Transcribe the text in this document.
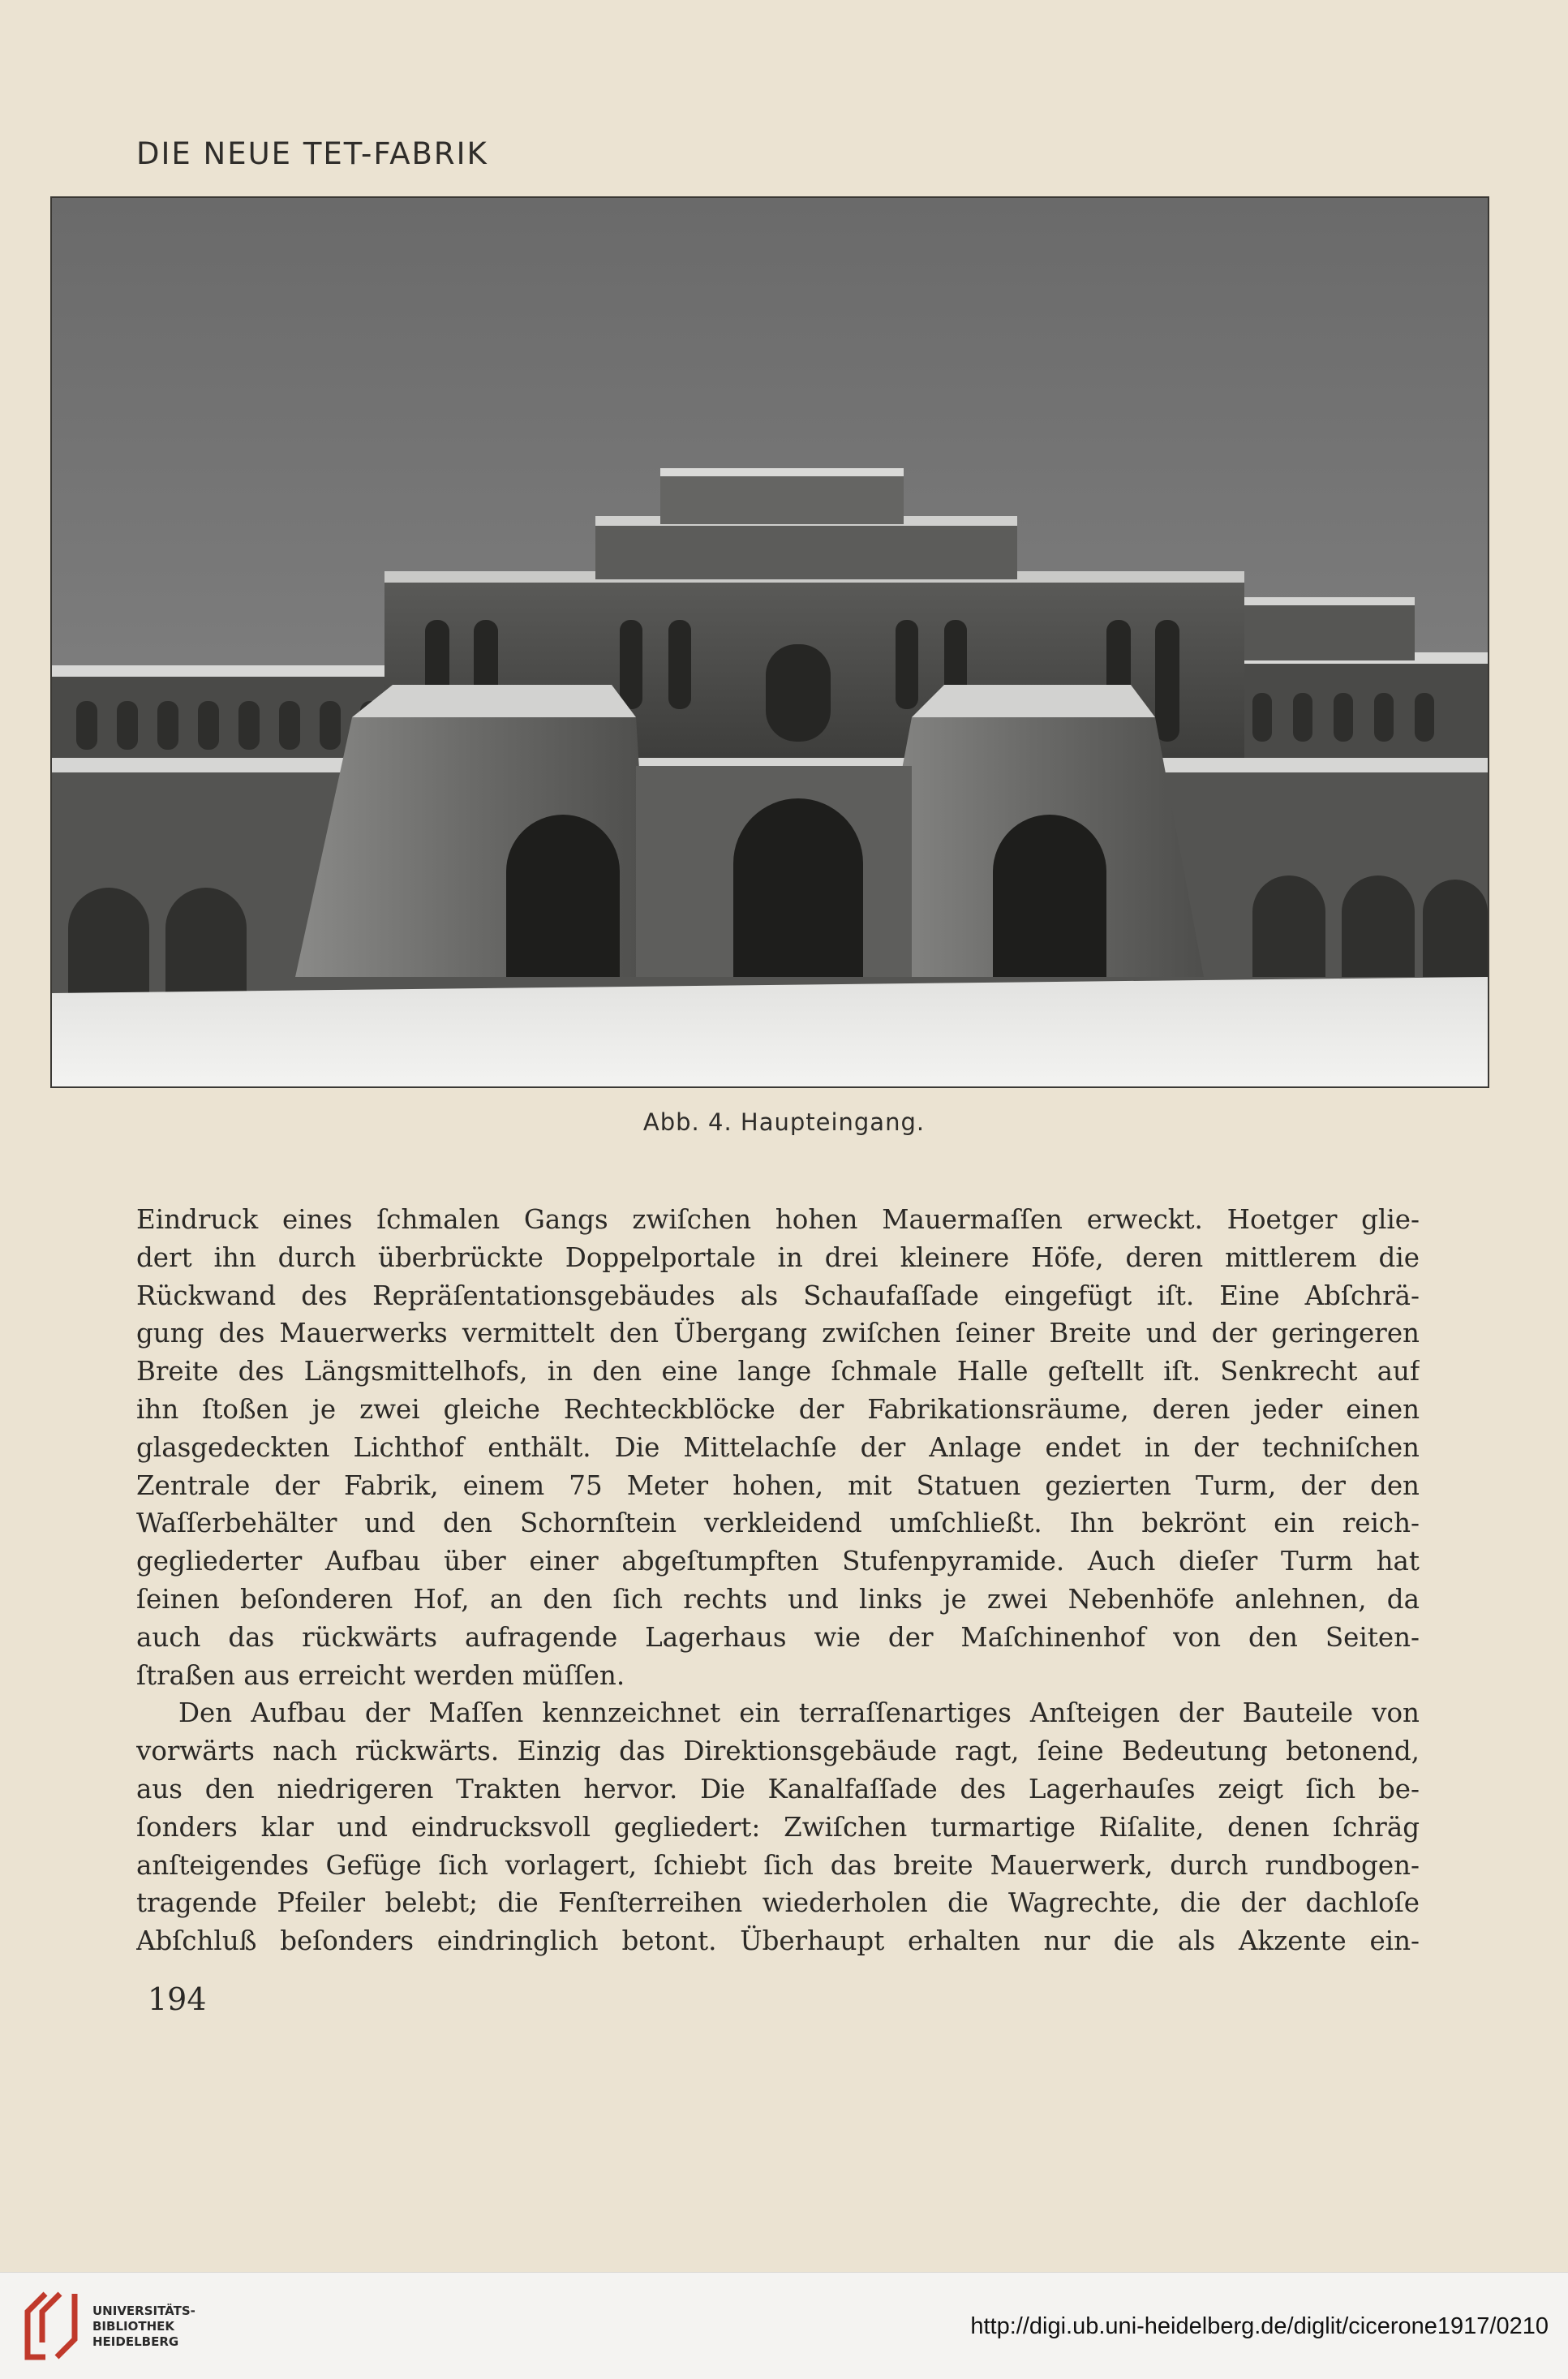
DIE NEUE TET-FABRIK
Abb. 4. Haupteingang.
Eindruck eines ſchmalen Gangs zwiſchen hohen Mauermaſſen erweckt. Hoetger glie-
dert ihn durch überbrückte Doppelportale in drei kleinere Höfe, deren mittlerem die
Rückwand des Repräſentationsgebäudes als Schaufaſſade eingefügt iſt. Eine Abſchrä-
gung des Mauerwerks vermittelt den Übergang zwiſchen ſeiner Breite und der geringeren
Breite des Längsmittelhofs, in den eine lange ſchmale Halle geſtellt iſt. Senkrecht auf
ihn ſtoßen je zwei gleiche Rechteckblöcke der Fabrikationsräume, deren jeder einen
glasgedeckten Lichthof enthält. Die Mittelachſe der Anlage endet in der techniſchen
Zentrale der Fabrik, einem 75 Meter hohen, mit Statuen gezierten Turm, der den
Waſſerbehälter und den Schornſtein verkleidend umſchließt. Ihn bekrönt ein reich-
gegliederter Aufbau über einer abgeſtumpften Stufenpyramide. Auch dieſer Turm hat
ſeinen beſonderen Hof, an den ſich rechts und links je zwei Nebenhöfe anlehnen, da
auch das rückwärts aufragende Lagerhaus wie der Maſchinenhof von den Seiten-
ſtraßen aus erreicht werden müſſen.
Den Aufbau der Maſſen kennzeichnet ein terraſſenartiges Anſteigen der Bauteile von
vorwärts nach rückwärts. Einzig das Direktionsgebäude ragt, ſeine Bedeutung betonend,
aus den niedrigeren Trakten hervor. Die Kanalfaſſade des Lagerhauſes zeigt ſich be-
ſonders klar und eindrucksvoll gegliedert: Zwiſchen turmartige Riſalite, denen ſchräg
anſteigendes Gefüge ſich vorlagert, ſchiebt ſich das breite Mauerwerk, durch rundbogen-
tragende Pfeiler belebt; die Fenſterreihen wiederholen die Wagrechte, die der dachloſe
Abſchluß beſonders eindringlich betont. Überhaupt erhalten nur die als Akzente ein-
194
UNIVERSITÄTS-
BIBLIOTHEK
HEIDELBERG
http://digi.ub.uni-heidelberg.de/diglit/cicerone1917/0210
